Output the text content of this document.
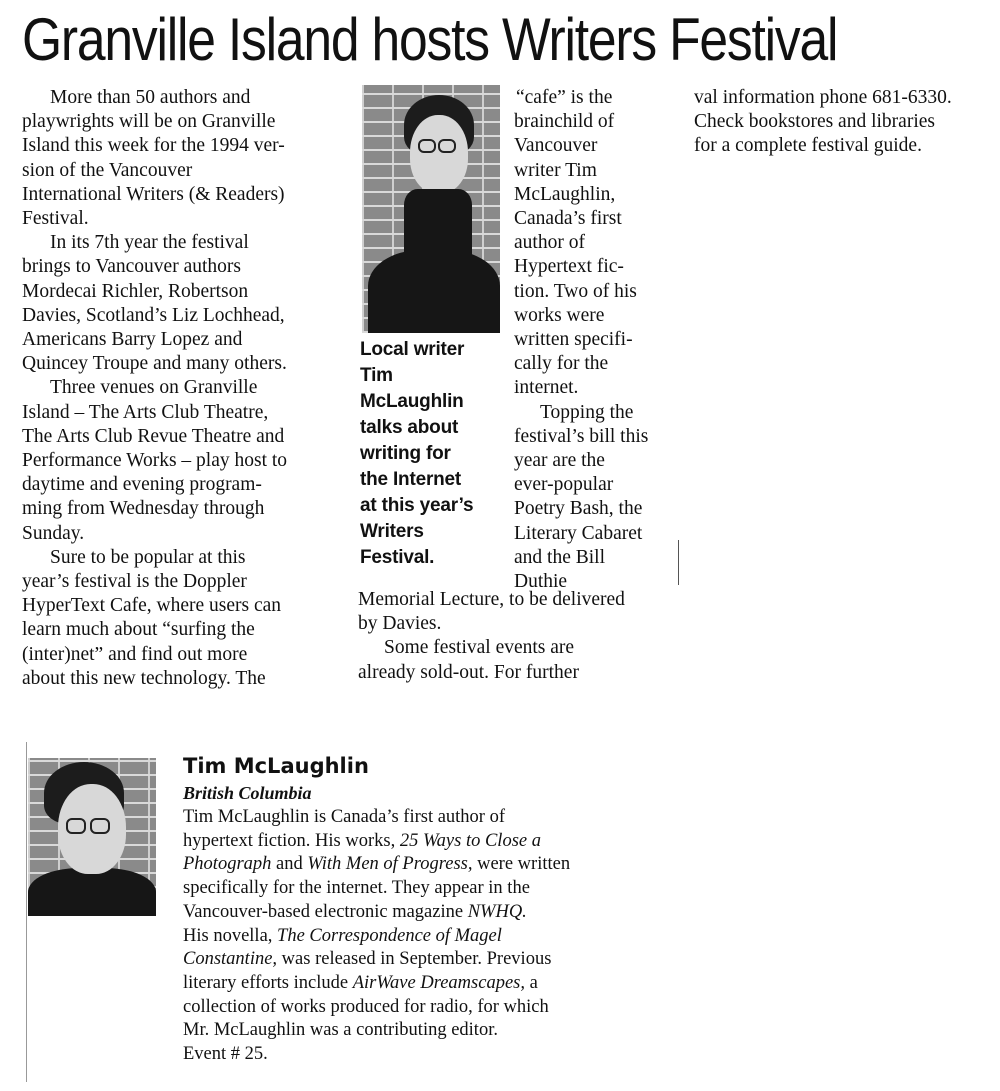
Granville Island hosts Writers Festival
More than 50 authors and
playwrights will be on Granville
Island this week for the 1994 ver-
sion of the Vancouver
International Writers (& Readers)
Festival.
In its 7th year the festival
brings to Vancouver authors
Mordecai Richler, Robertson
Davies, Scotland’s Liz Lochhead,
Americans Barry Lopez and
Quincey Troupe and many others.
Three venues on Granville
Island – The Arts Club Theatre,
The Arts Club Revue Theatre and
Performance Works – play host to
daytime and evening program-
ming from Wednesday through
Sunday.
Sure to be popular at this
year’s festival is the Doppler
HyperText Cafe, where users can
learn much about “surfing the
(inter)net” and find out more
about this new technology. The
Local writer
Tim
McLaughlin
talks about
writing for
the Internet
at this year’s
Writers
Festival.
“cafe” is the
brainchild of
Vancouver
writer Tim
McLaughlin,
Canada’s first
author of
Hypertext fic-
tion. Two of his
works were
written specifi-
cally for the
internet.
Topping the
festival’s bill this
year are the
ever-popular
Poetry Bash, the
Literary Cabaret
and the Bill
Duthie
Memorial Lecture, to be delivered
by Davies.
Some festival events are
already sold-out. For further
val information phone 681-6330.
Check bookstores and libraries
for a complete festival guide.
Tim McLaughlin
British Columbia
Tim McLaughlin is Canada’s first author of
hypertext fiction. His works, 25 Ways to Close a
Photograph and With Men of Progress, were written
specifically for the internet. They appear in the
Vancouver-based electronic magazine NWHQ.
His novella, The Correspondence of Magel
Constantine, was released in September. Previous
literary efforts include AirWave Dreamscapes, a
collection of works produced for radio, for which
Mr. McLaughlin was a contributing editor.
Event # 25.
